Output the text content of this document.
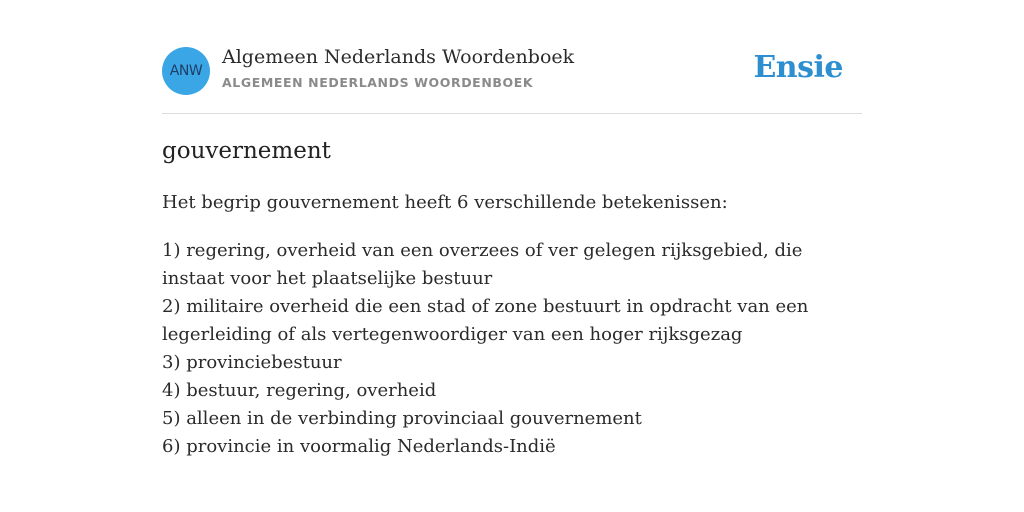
ANW
Algemeen Nederlands Woordenboek
ALGEMEEN NEDERLANDS WOORDENBOEK	Ensie
gouvernement

Het begrip gouvernement heeft 6 verschillende betekenissen:

1) regering, overheid van een overzees of ver gelegen rijksgebied, die instaat voor het plaatselijke bestuur
2) militaire overheid die een stad of zone bestuurt in opdracht van een legerleiding of als vertegenwoordiger van een hoger rijksgezag
3) provinciebestuur
4) bestuur, regering, overheid
5) alleen in de verbinding provinciaal gouvernement
6) provincie in voormalig Nederlands-Indië
